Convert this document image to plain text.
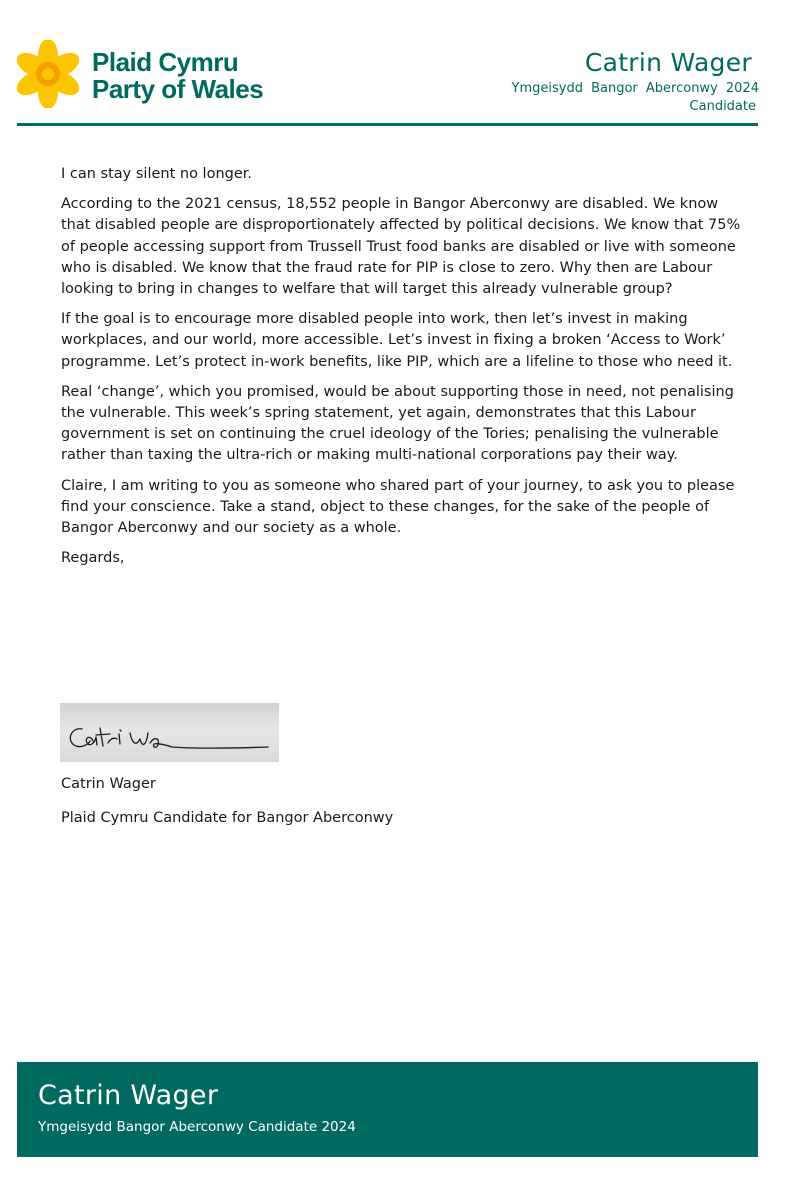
Plaid Cymru
Party of Wales
Catrin Wager
Ymgeisydd Bangor Aberconwy 2024
Candidate

I can stay silent no longer.

According to the 2021 census, 18,552 people in Bangor Aberconwy are disabled. We know that disabled people are disproportionately affected by political decisions. We know that 75% of people accessing support from Trussell Trust food banks are disabled or live with someone who is disabled. We know that the fraud rate for PIP is close to zero. Why then are Labour looking to bring in changes to welfare that will target this already vulnerable group?

If the goal is to encourage more disabled people into work, then let’s invest in making workplaces, and our world, more accessible. Let’s invest in fixing a broken ‘Access to Work’ programme. Let’s protect in-work benefits, like PIP, which are a lifeline to those who need it.

Real ‘change’, which you promised, would be about supporting those in need, not penalising the vulnerable. This week’s spring statement, yet again, demonstrates that this Labour government is set on continuing the cruel ideology of the Tories; penalising the vulnerable rather than taxing the ultra-rich or making multi-national corporations pay their way.

Claire, I am writing to you as someone who shared part of your journey, to ask you to please find your conscience. Take a stand, object to these changes, for the sake of the people of Bangor Aberconwy and our society as a whole.

Regards,

Catrin Wager
Plaid Cymru Candidate for Bangor Aberconwy
Catrin Wager
Ymgeisydd Bangor Aberconwy Candidate 2024
